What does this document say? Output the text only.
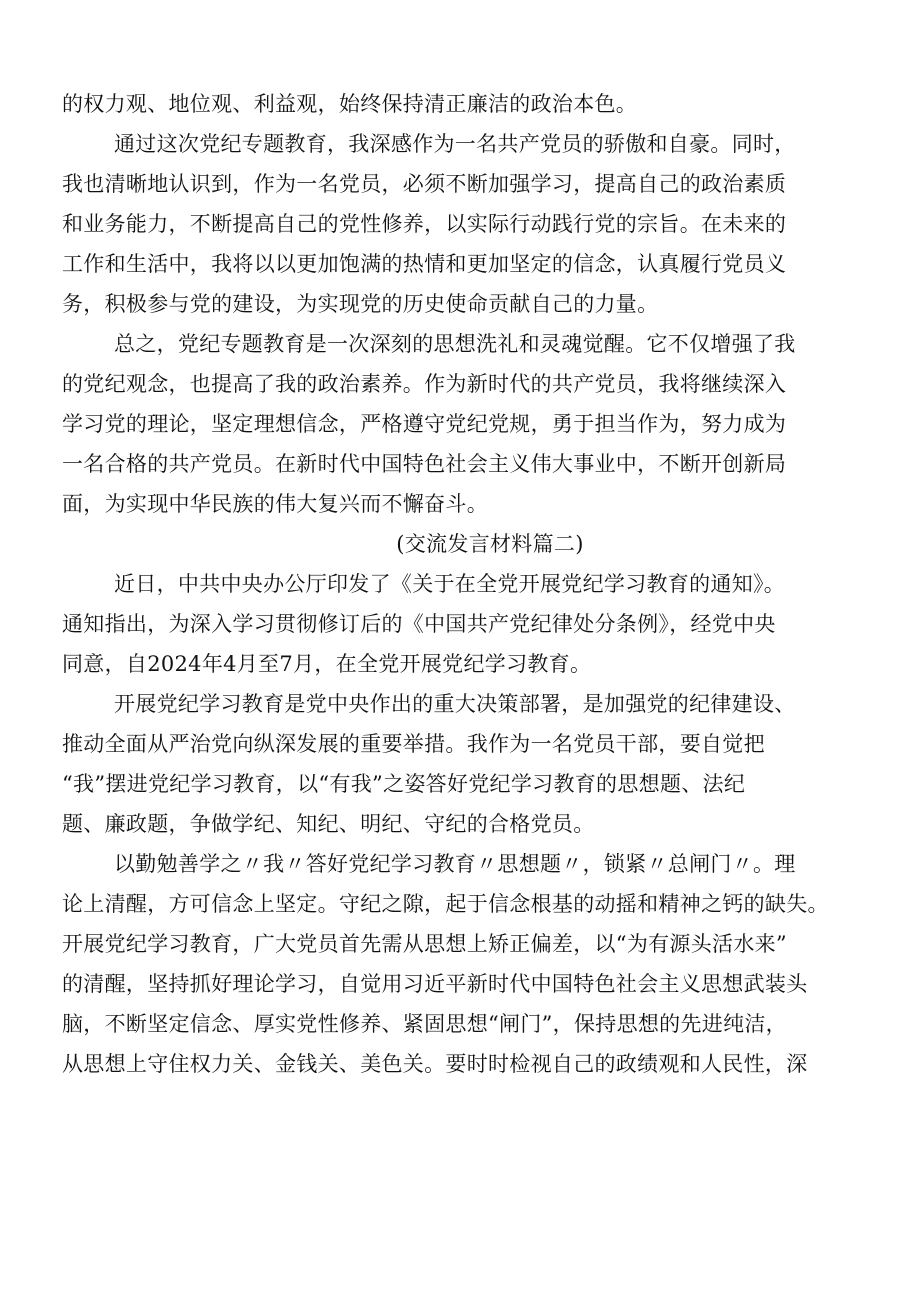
的权力观、地位观、利益观，始终保持清正廉洁的政治本色。
通过这次党纪专题教育，我深感作为一名共产党员的骄傲和自豪。同时，
我也清晰地认识到，作为一名党员，必须不断加强学习，提高自己的政治素质
和业务能力，不断提高自己的党性修养，以实际行动践行党的宗旨。在未来的
工作和生活中，我将以以更加饱满的热情和更加坚定的信念，认真履行党员义
务，积极参与党的建设，为实现党的历史使命贡献自己的力量。
总之，党纪专题教育是一次深刻的思想洗礼和灵魂觉醒。它不仅增强了我
的党纪观念，也提高了我的政治素养。作为新时代的共产党员，我将继续深入
学习党的理论，坚定理想信念，严格遵守党纪党规，勇于担当作为，努力成为
一名合格的共产党员。在新时代中国特色社会主义伟大事业中，不断开创新局
面，为实现中华民族的伟大复兴而不懈奋斗。
(交流发言材料篇二)
近日，中共中央办公厅印发了《关于在全党开展党纪学习教育的通知》。
通知指出，为深入学习贯彻修订后的《中国共产党纪律处分条例》，经党中央
同意，自2024年4月至7月，在全党开展党纪学习教育。
开展党纪学习教育是党中央作出的重大决策部署，是加强党的纪律建设、
推动全面从严治党向纵深发展的重要举措。我作为一名党员干部，要自觉把
“我”摆进党纪学习教育，以“有我”之姿答好党纪学习教育的思想题、法纪
题、廉政题，争做学纪、知纪、明纪、守纪的合格党员。
以勤勉善学之〃我〃答好党纪学习教育〃思想题〃，锁紧〃总闸门〃。理
论上清醒，方可信念上坚定。守纪之隙，起于信念根基的动摇和精神之钙的缺失。
开展党纪学习教育，广大党员首先需从思想上矫正偏差，以“为有源头活水来”
的清醒，坚持抓好理论学习，自觉用习近平新时代中国特色社会主义思想武装头
脑，不断坚定信念、厚实党性修养、紧固思想“闸门”，保持思想的先进纯洁，
从思想上守住权力关、金钱关、美色关。要时时检视自己的政绩观和人民性，深
